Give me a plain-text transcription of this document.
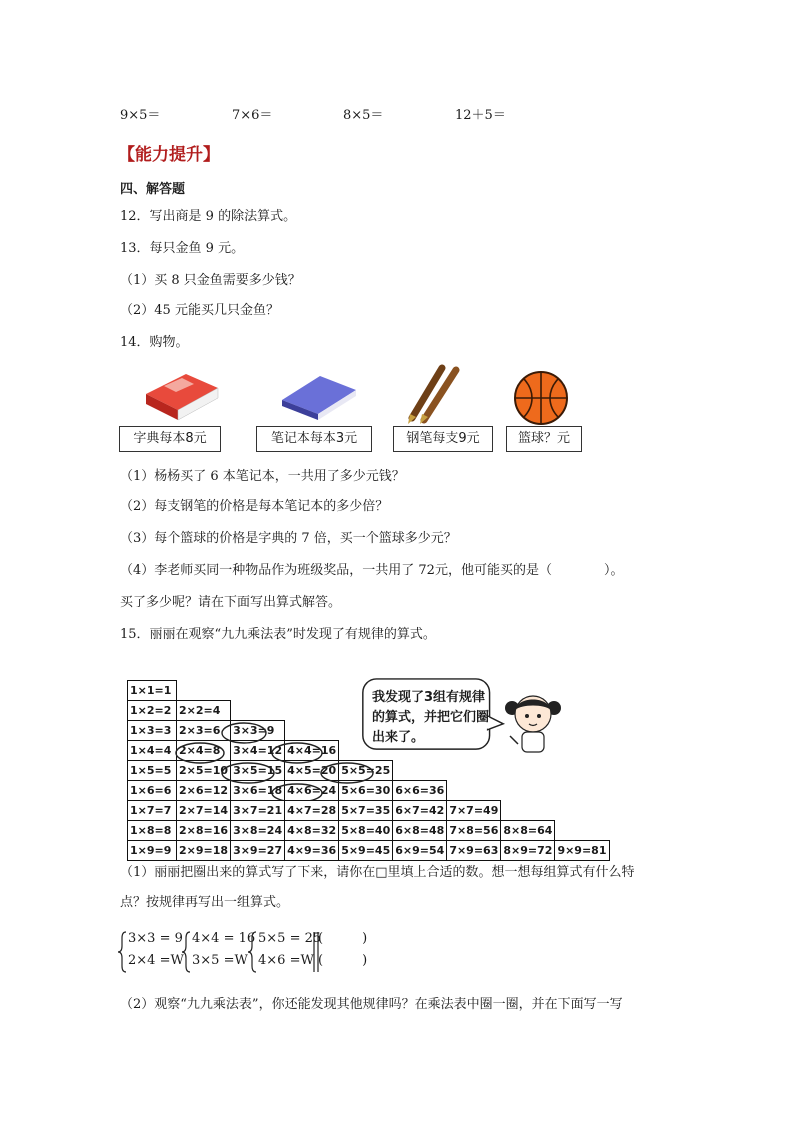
9×5＝	7×6＝	8×5＝	12＋5＝
【能力提升】
四、解答题
12．写出商是 9 的除法算式。
13．每只金鱼 9 元。
（1）买 8 只金鱼需要多少钱？
（2）45 元能买几只金鱼？
14．购物。
字典每本8元	笔记本每本3元	钢笔每支9元	篮球？元
（1）杨杨买了 6 本笔记本，一共用了多少元钱？
（2）每支钢笔的价格是每本笔记本的多少倍？
（3）每个篮球的价格是字典的 7 倍，买一个篮球多少元？
（4）李老师买同一种物品作为班级奖品，一共用了 72元，他可能买的是（　　　　）。
买了多少呢？请在下面写出算式解答。
15．丽丽在观察“九九乘法表”时发现了有规律的算式。
1×1=1								
1×2=2	2×2=4							
1×3=3	2×3=6	3×3=9						
1×4=4	2×4=8	3×4=12	4×4=16					
1×5=5	2×5=10	3×5=15	4×5=20	5×5=25				
1×6=6	2×6=12	3×6=18	4×6=24	5×6=30	6×6=36			
1×7=7	2×7=14	3×7=21	4×7=28	5×7=35	6×7=42	7×7=49		
1×8=8	2×8=16	3×8=24	4×8=32	5×8=40	6×8=48	7×8=56	8×8=64	
1×9=9	2×9=18	3×9=27	4×9=36	5×9=45	6×9=54	7×9=63	8×9=72	9×9=81
我发现了3组有规律的算式，并把它们圈出来了。
（1）丽丽把圈出来的算式写了下来，请你在□里填上合适的数。想一想每组算式有什么特
点？按规律再写出一组算式。
3×3 = 9
2×4 =W
4×4 = 16
3×5 =W
5×5 = 25
4×6 =W
(　　　)
(　　　)
（2）观察“九九乘法表”，你还能发现其他规律吗？在乘法表中圈一圈，并在下面写一写
